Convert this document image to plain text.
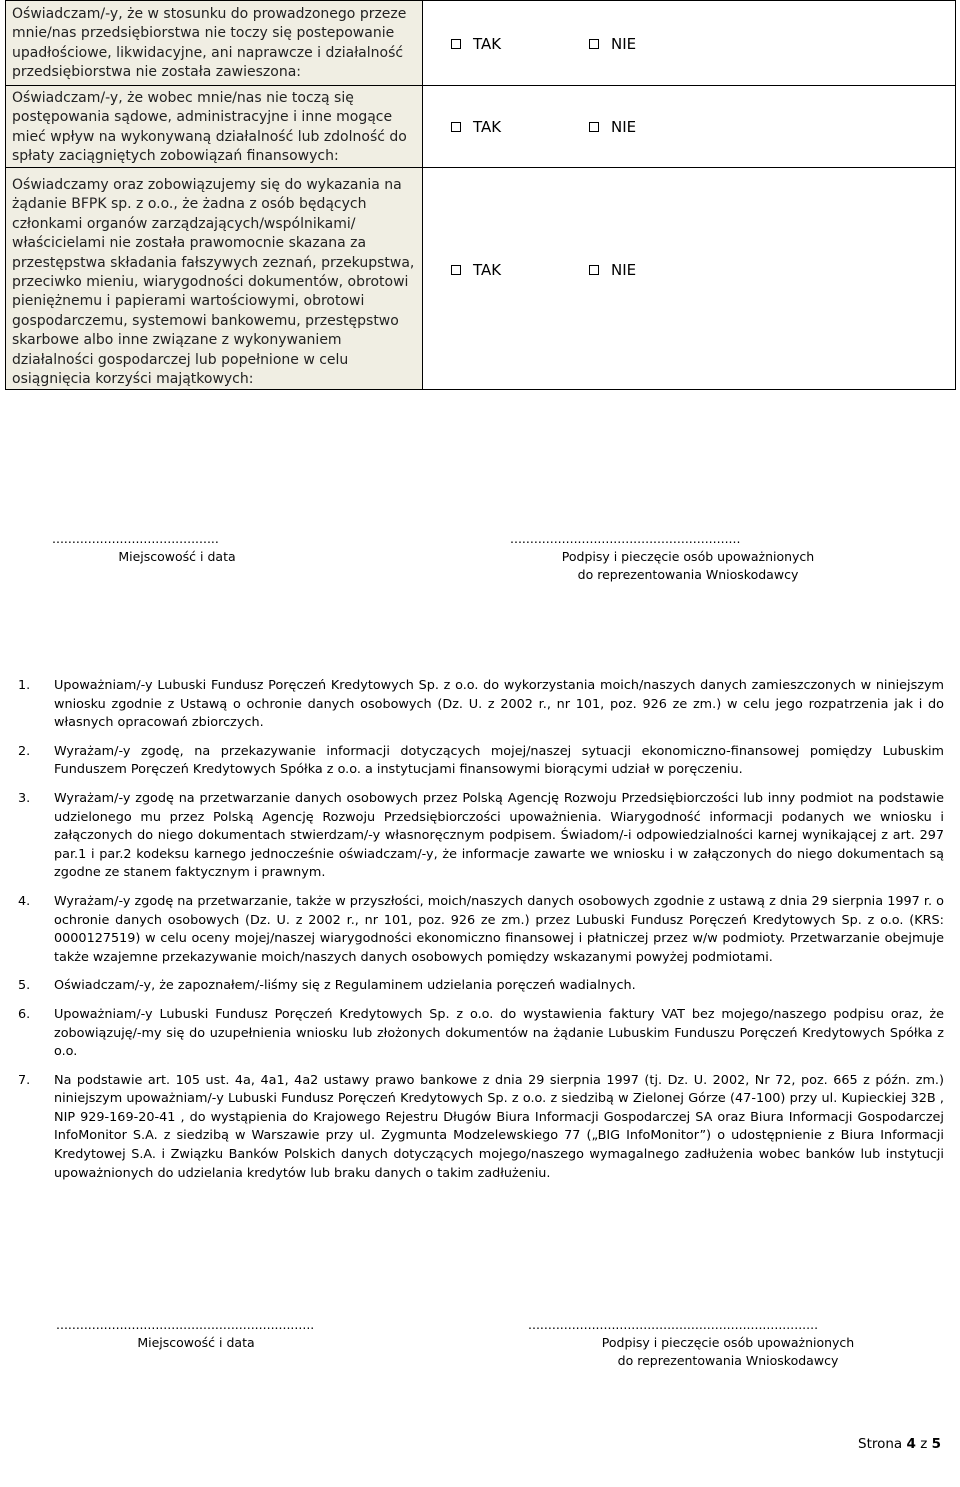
Oświadczam/-y, że w stosunku do prowadzonego przeze mnie/nas przedsiębiorstwa nie toczy się postepowanie upadłościowe, likwidacyjne, ani naprawcze i działalność przedsiębiorstwa nie została zawieszona:	TAK NIE

Oświadczam/-y, że wobec mnie/nas nie toczą się postępowania sądowe, administracyjne i inne mogące mieć wpływ na wykonywaną działalność lub zdolność do spłaty zaciągniętych zobowiązań finansowych:	TAK NIE

Oświadczamy oraz zobowiązujemy się do wykazania na żądanie BFPK sp. z o.o., że żadna z osób będących członkami organów zarządzających/wspólnikami/ właścicielami nie została prawomocnie skazana za przestępstwa składania fałszywych zeznań, przekupstwa, przeciwko mieniu, wiarygodności dokumentów, obrotowi pieniężnemu i papierami wartościowymi, obrotowi gospodarczemu, systemowi bankowemu, przestępstwo skarbowe albo inne związane z wykonywaniem działalności gospodarczej lub popełnione w celu osiągnięcia korzyści majątkowych:	TAK NIE
..........................................
Miejscowość i data
..........................................................
Podpisy i pieczęcie osób upoważnionych
do reprezentowania Wnioskodawcy
1. Upoważniam/-y Lubuski Fundusz Poręczeń Kredytowych Sp. z o.o. do wykorzystania moich/naszych danych zamieszczonych w niniejszym wniosku zgodnie z Ustawą o ochronie danych osobowych (Dz. U. z 2002 r., nr 101, poz. 926 ze zm.) w celu jego rozpatrzenia jak i do własnych opracowań zbiorczych.
2. Wyrażam/-y zgodę, na przekazywanie informacji dotyczących mojej/naszej sytuacji ekonomiczno-finansowej pomiędzy Lubuskim Funduszem Poręczeń Kredytowych Spółka z o.o. a instytucjami finansowymi biorącymi udział w poręczeniu.
3. Wyrażam/-y zgodę na przetwarzanie danych osobowych przez Polską Agencję Rozwoju Przedsiębiorczości lub inny podmiot na podstawie udzielonego mu przez Polską Agencję Rozwoju Przedsiębiorczości upoważnienia. Wiarygodność informacji podanych we wniosku i załączonych do niego dokumentach stwierdzam/-y własnoręcznym podpisem. Świadom/-i odpowiedzialności karnej wynikającej z art. 297 par.1 i par.2 kodeksu karnego jednocześnie oświadczam/-y, że informacje zawarte we wniosku i w załączonych do niego dokumentach są zgodne ze stanem faktycznym i prawnym.
4. Wyrażam/-y zgodę na przetwarzanie, także w przyszłości, moich/naszych danych osobowych zgodnie z ustawą z dnia 29 sierpnia 1997 r. o ochronie danych osobowych (Dz. U. z 2002 r., nr 101, poz. 926 ze zm.) przez Lubuski Fundusz Poręczeń Kredytowych Sp. z o.o. (KRS: 0000127519) w celu oceny mojej/naszej wiarygodności ekonomiczno finansowej i płatniczej przez w/w podmioty. Przetwarzanie obejmuje także wzajemne przekazywanie moich/naszych danych osobowych pomiędzy wskazanymi powyżej podmiotami.
5. Oświadczam/-y, że zapoznałem/-liśmy się z Regulaminem udzielania poręczeń wadialnych.
6. Upoważniam/-y Lubuski Fundusz Poręczeń Kredytowych Sp. z o.o. do wystawienia faktury VAT bez mojego/naszego podpisu oraz, że zobowiązuję/-my się do uzupełnienia wniosku lub złożonych dokumentów na żądanie Lubuskim Funduszu Poręczeń Kredytowych Spółka z o.o.
7. Na podstawie art. 105 ust. 4a, 4a1, 4a2 ustawy prawo bankowe z dnia 29 sierpnia 1997 (tj. Dz. U. 2002, Nr 72, poz. 665 z późn. zm.) niniejszym upoważniam/-y Lubuski Fundusz Poręczeń Kredytowych Sp. z o.o. z siedzibą w Zielonej Górze (47-100) przy ul. Kupieckiej 32B , NIP 929-169-20-41 , do wystąpienia do Krajowego Rejestru Długów Biura Informacji Gospodarczej SA oraz Biura Informacji Gospodarczej InfoMonitor S.A. z siedzibą w Warszawie przy ul. Zygmunta Modzelewskiego 77 („BIG InfoMonitor”) o udostępnienie z Biura Informacji Kredytowej S.A. i Związku Banków Polskich danych dotyczących mojego/naszego wymagalnego zadłużenia wobec banków lub instytucji upoważnionych do udzielania kredytów lub braku danych o takim zadłużeniu.
.................................................................
Miejscowość i data
.........................................................................
Podpisy i pieczęcie osób upoważnionych
do reprezentowania Wnioskodawcy
Strona 4 z 5
